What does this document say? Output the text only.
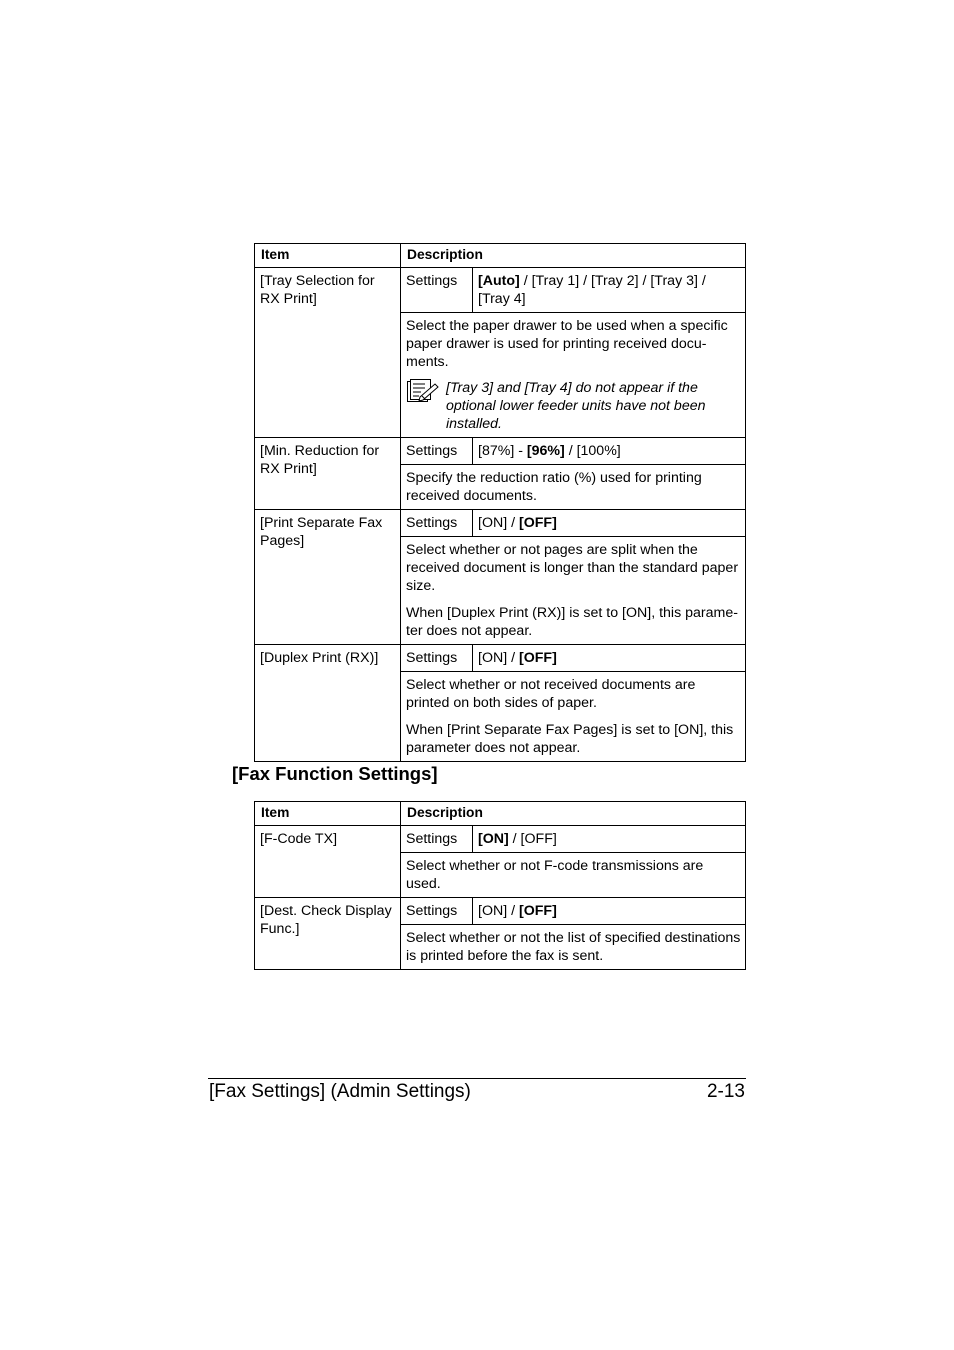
Item	Description	
[Tray Selection for RX Print]	Settings	[Auto] / [Tray 1] / [Tray 2] / [Tray 3] / [Tray 4]

	Select the paper drawer to be used when a specific paper drawer is used for printing received docu-ments.

[Tray 3] and [Tray 4] do not appear if the optional lower feeder units have not been installed.	

[Min. Reduction for RX Print]	Settings	[87%] - [96%] / [100%]

	Specify the reduction ratio (%) used for printing received documents.	

[Print Separate Fax Pages]	Settings	[ON] / [OFF]

	Select whether or not pages are split when the received document is longer than the standard paper size.

When [Duplex Print (RX)] is set to [ON], this parame-ter does not appear.	

[Duplex Print (RX)]	Settings	[ON] / [OFF]

	Select whether or not received documents are printed on both sides of paper.

When [Print Separate Fax Pages] is set to [ON], this parameter does not appear.	

[Fax Function Settings]
Item	Description	
[F-Code TX]	Settings	[ON] / [OFF]

	Select whether or not F-code transmissions are used.	

[Dest. Check Display Func.]	Settings	[ON] / [OFF]

	Select whether or not the list of specified destinations is printed before the fax is sent.	

[Fax Settings] (Admin Settings)	2-13
